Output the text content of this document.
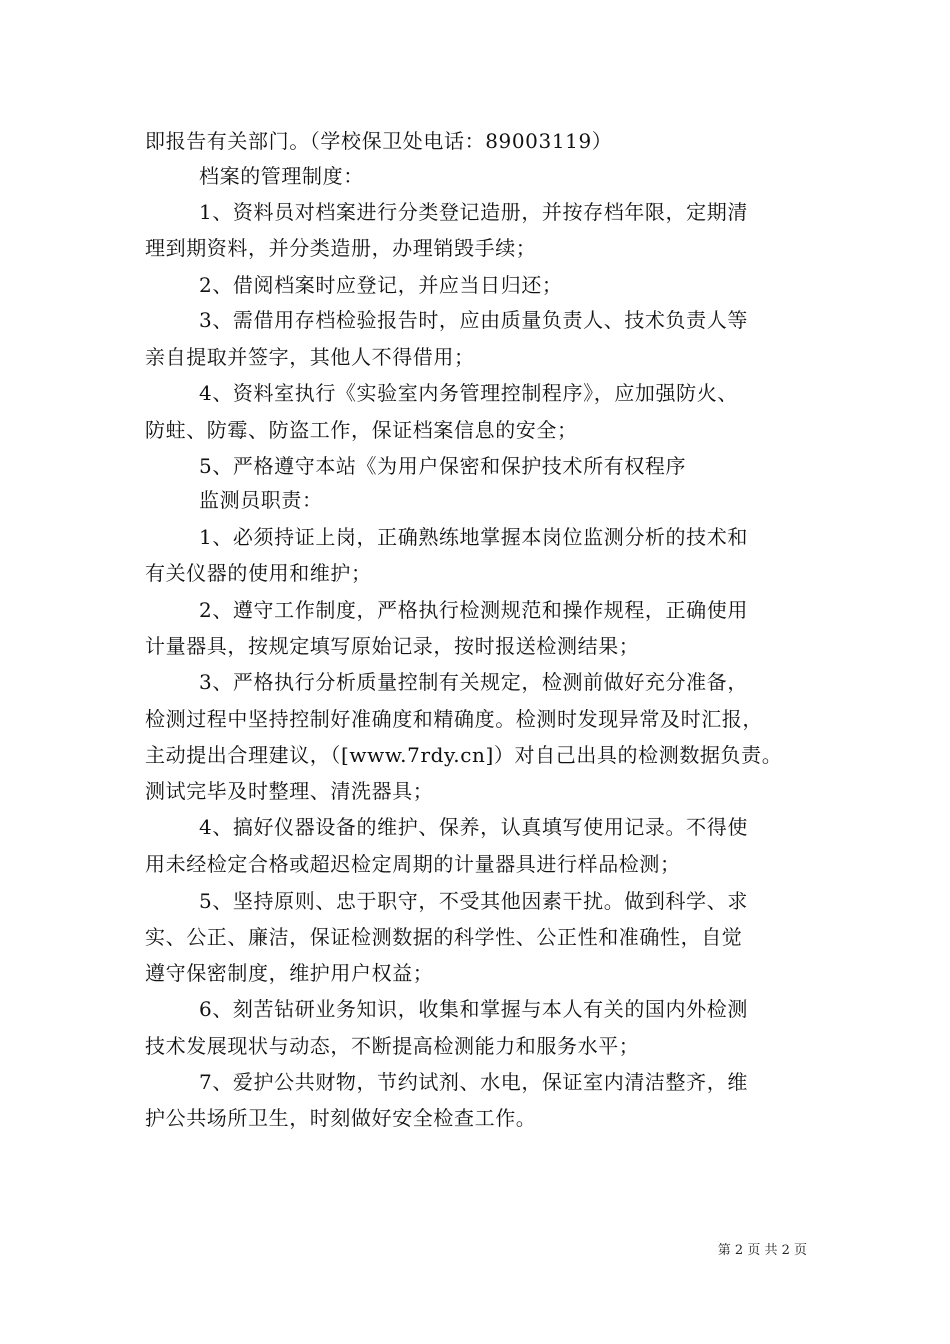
即报告有关部门。（学校保卫处电话：89003119）
档案的管理制度：
1、资料员对档案进行分类登记造册，并按存档年限，定期清
理到期资料，并分类造册，办理销毁手续；
2、借阅档案时应登记，并应当日归还；
3、需借用存档检验报告时，应由质量负责人、技术负责人等
亲自提取并签字，其他人不得借用；
4、资料室执行《实验室内务管理控制程序》，应加强防火、
防蛀、防霉、防盗工作，保证档案信息的安全；
5、严格遵守本站《为用户保密和保护技术所有权程序
监测员职责：
1、必须持证上岗，正确熟练地掌握本岗位监测分析的技术和
有关仪器的使用和维护；
2、遵守工作制度，严格执行检测规范和操作规程，正确使用
计量器具，按规定填写原始记录，按时报送检测结果；
3、严格执行分析质量控制有关规定，检测前做好充分准备，
检测过程中坚持控制好准确度和精确度。检测时发现异常及时汇报，
主动提出合理建议，（[www.7rdy.cn]）对自己出具的检测数据负责。
测试完毕及时整理、清洗器具；
4、搞好仪器设备的维护、保养，认真填写使用记录。不得使
用未经检定合格或超迟检定周期的计量器具进行样品检测；
5、坚持原则、忠于职守，不受其他因素干扰。做到科学、求
实、公正、廉洁，保证检测数据的科学性、公正性和准确性，自觉
遵守保密制度，维护用户权益；
6、刻苦钻研业务知识，收集和掌握与本人有关的国内外检测
技术发展现状与动态，不断提高检测能力和服务水平；
7、爱护公共财物，节约试剂、水电，保证室内清洁整齐，维
护公共场所卫生，时刻做好安全检查工作。
第 2 页 共 2 页
